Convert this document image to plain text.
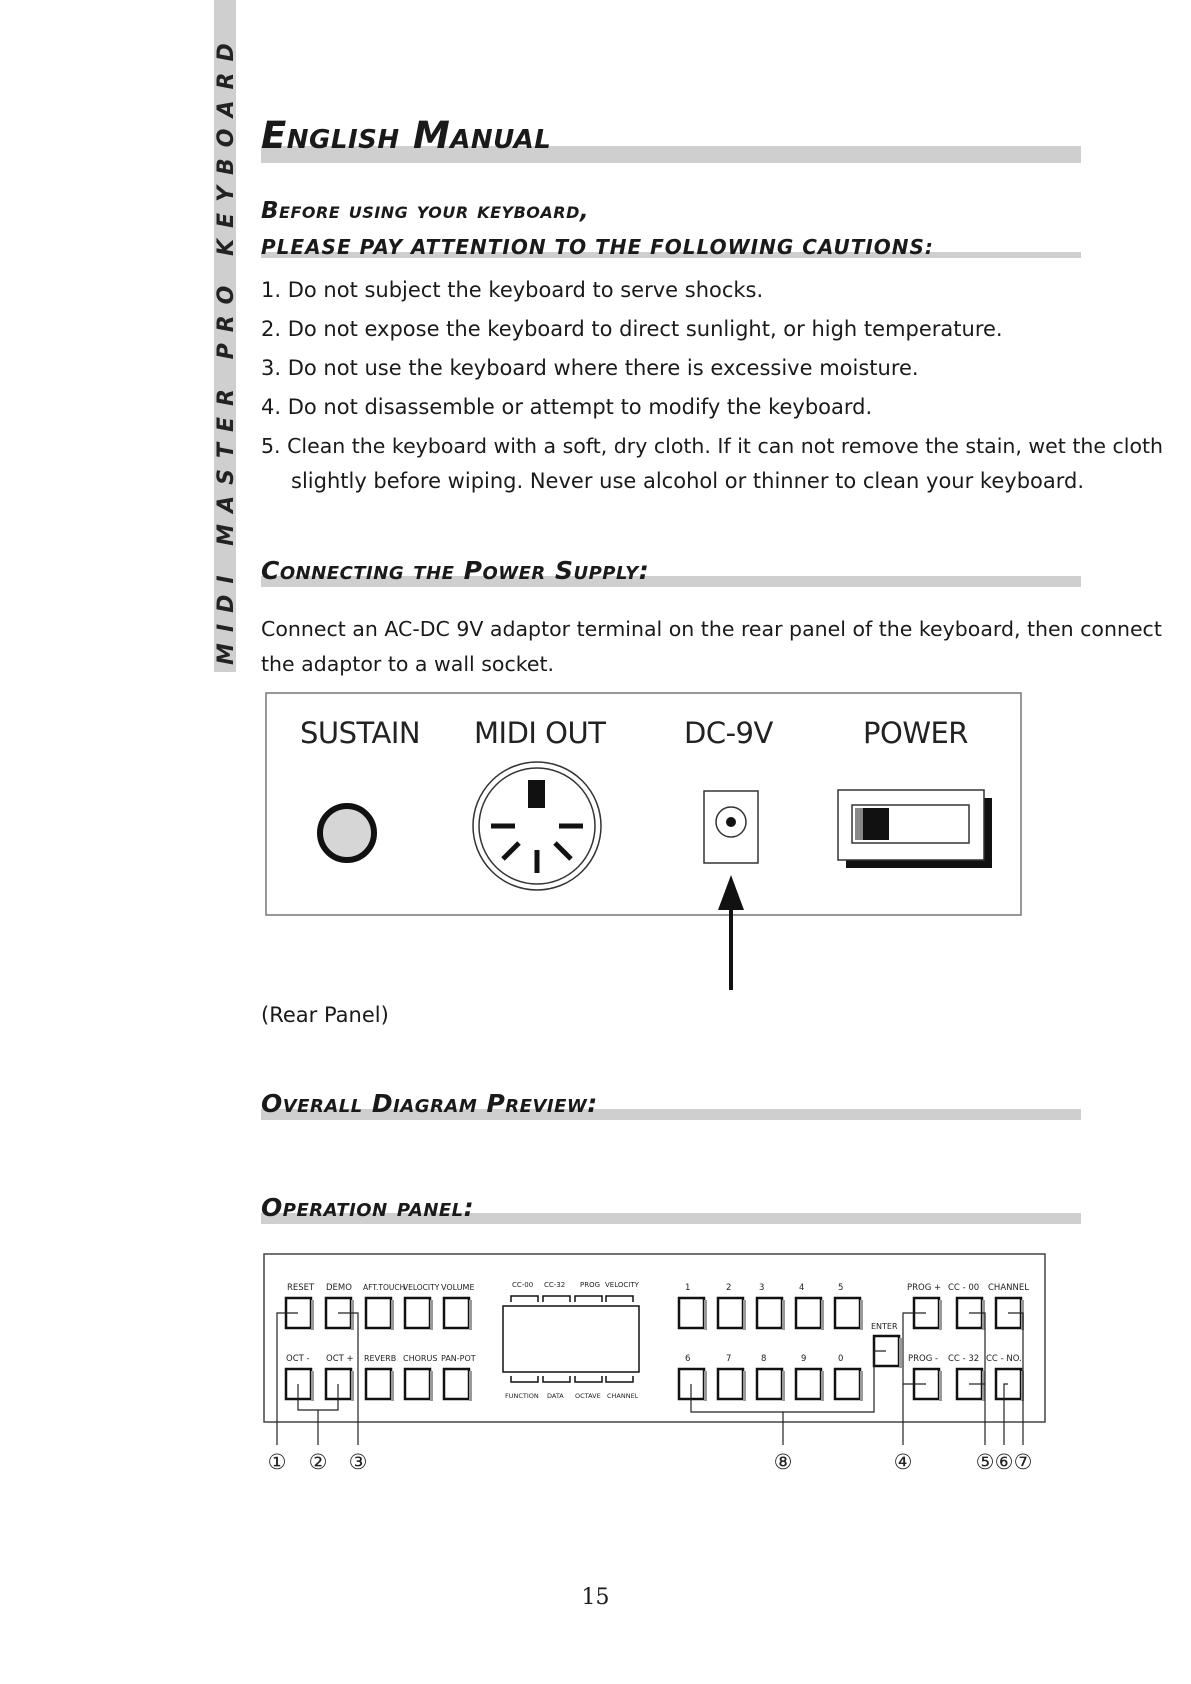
MIDI MASTER PRO KEYBOARD English Manual
Before using your keyboard,
PLEASE PAY ATTENTION TO THE FOLLOWING CAUTIONS:
1. Do not subject the keyboard to serve shocks.
2. Do not expose the keyboard to direct sunlight, or high temperature.
3. Do not use the keyboard where there is excessive moisture.
4. Do not disassemble or attempt to modify the keyboard.
5. Clean the keyboard with a soft, dry cloth. If it can not remove the stain, wet the cloth
slightly before wiping. Never use alcohol or thinner to clean your keyboard.
Connecting the Power Supply:
Connect an AC-DC 9V adaptor terminal on the rear panel of the keyboard, then connect
the adaptor to a wall socket.
SUSTAIN MIDI OUT	DC-9V	POWER
(Rear Panel)
Overall Diagram Preview:
Operation panel:
RESET DEMO AFT.TOUCH
VELOCITY VOLUME
OCT - OCT + REVERB CHORUS PAN-POT
CC-00 CC-32 PROG VELOCITY
FUNCTION DATA OCTAVE CHANNEL
1	2	3	4	5
6	7	8	9	0
ENTER
PROG + CC - 00 CHANNEL
PROG - CC - 32 CC - NO.
① ② ③	⑧	④	⑤ ⑥ ⑦
15
